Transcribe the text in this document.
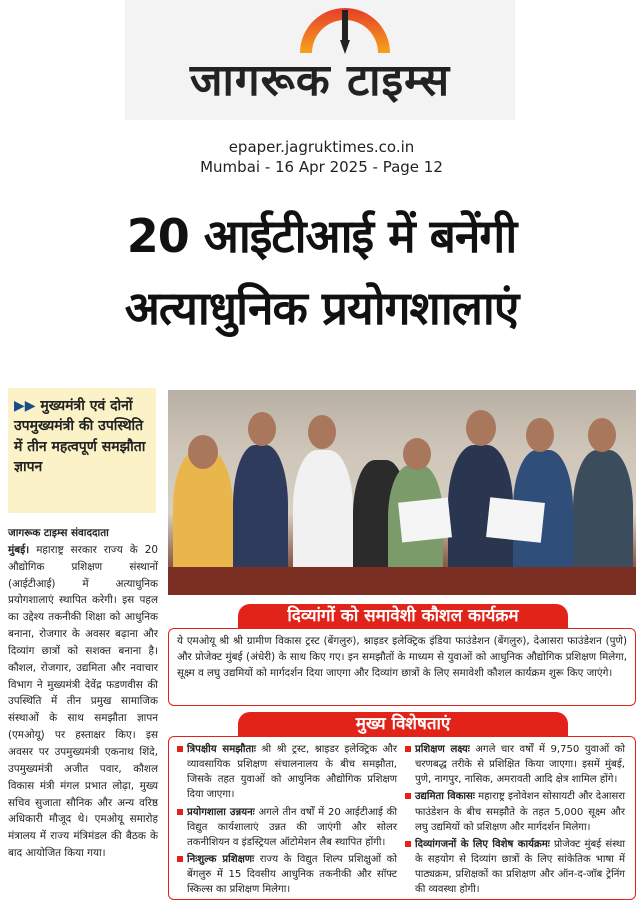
जागरूक टाइम्स
epaper.jagruktimes.co.in
Mumbai - 16 Apr 2025 - Page 12
20 आईटीआई में बनेंगी
अत्याधुनिक प्रयोगशालाएं
▶▶ मुख्यमंत्री एवं दोनों उपमुख्यमंत्री की उपस्थिति में तीन महत्वपूर्ण समझौता ज्ञापन
जागरूक टाइम्स संवाददाता
मुंबई। महाराष्ट्र सरकार राज्य के 20 औद्योगिक प्रशिक्षण संस्थानों (आईटीआई) में अत्याधुनिक प्रयोगशालाएं स्थापित करेगी। इस पहल का उद्देश्य तकनीकी शिक्षा को आधुनिक बनाना, रोजगार के अवसर बढ़ाना और दिव्यांग छात्रों को सशक्त बनाना है। कौशल, रोजगार, उद्यमिता और नवाचार विभाग ने मुख्यमंत्री देवेंद्र फडणवीस की उपस्थिति में तीन प्रमुख सामाजिक संस्थाओं के साथ समझौता ज्ञापन (एमओयू) पर हस्ताक्षर किए। इस अवसर पर उपमुख्यमंत्री एकनाथ शिंदे, उपमुख्यमंत्री अजीत पवार, कौशल विकास मंत्री मंगल प्रभात लोढ़ा, मुख्य सचिव सुजाता सौनिक और अन्य वरिष्ठ अधिकारी मौजूद थे। एमओयू समारोह मंत्रालय में राज्य मंत्रिमंडल की बैठक के बाद आयोजित किया गया।
दिव्यांगों को समावेशी कौशल कार्यक्रम
ये एमओयू श्री श्री ग्रामीण विकास ट्रस्ट (बेंगलुरु), श्नाइडर इलेक्ट्रिक इंडिया फाउंडेशन (बेंगलुरु), देआसरा फाउंडेशन (पुणे) और प्रोजेक्ट मुंबई (अंधेरी) के साथ किए गए। इन समझौतों के माध्यम से युवाओं को आधुनिक औद्योगिक प्रशिक्षण मिलेगा, सूक्ष्म व लघु उद्यमियों को मार्गदर्शन दिया जाएगा और दिव्यांग छात्रों के लिए समावेशी कौशल कार्यक्रम शुरू किए जाएंगे।
मुख्य विशेषताएं
त्रिपक्षीय समझौताः श्री श्री ट्रस्ट, श्नाइडर इलेक्ट्रिक और व्यावसायिक प्रशिक्षण संचालनालय के बीच समझौता, जिसके तहत युवाओं को आधुनिक औद्योगिक प्रशिक्षण दिया जाएगा।
प्रयोगशाला उन्नयनः अगले तीन वर्षों में 20 आईटीआई की विद्युत कार्यशालाएं उन्नत की जाएंगी और सोलर तकनीशियन व इंडस्ट्रियल ऑटोमेशन लैब स्थापित होंगी।
निःशुल्क प्रशिक्षणः राज्य के विद्युत शिल्प प्रशिक्षुओं को बेंगलुरु में 15 दिवसीय आधुनिक तकनीकी और सॉफ्ट स्किल्स का प्रशिक्षण मिलेगा।
प्रशिक्षण लक्ष्यः अगले चार वर्षों में 9,750 युवाओं को चरणबद्ध तरीके से प्रशिक्षित किया जाएगा। इसमें मुंबई, पुणे, नागपुर, नासिक, अमरावती आदि क्षेत्र शामिल होंगे।
उद्यमिता विकासः महाराष्ट्र इनोवेशन सोसायटी और देआसरा फाउंडेशन के बीच समझौते के तहत 5,000 सूक्ष्म और लघु उद्यमियों को प्रशिक्षण और मार्गदर्शन मिलेगा।
दिव्यांगजनों के लिए विशेष कार्यक्रमः प्रोजेक्ट मुंबई संस्था के सहयोग से दिव्यांग छात्रों के लिए सांकेतिक भाषा में पाठ्यक्रम, प्रशिक्षकों का प्रशिक्षण और ऑन-द-जॉब ट्रेनिंग की व्यवस्था होगी।
